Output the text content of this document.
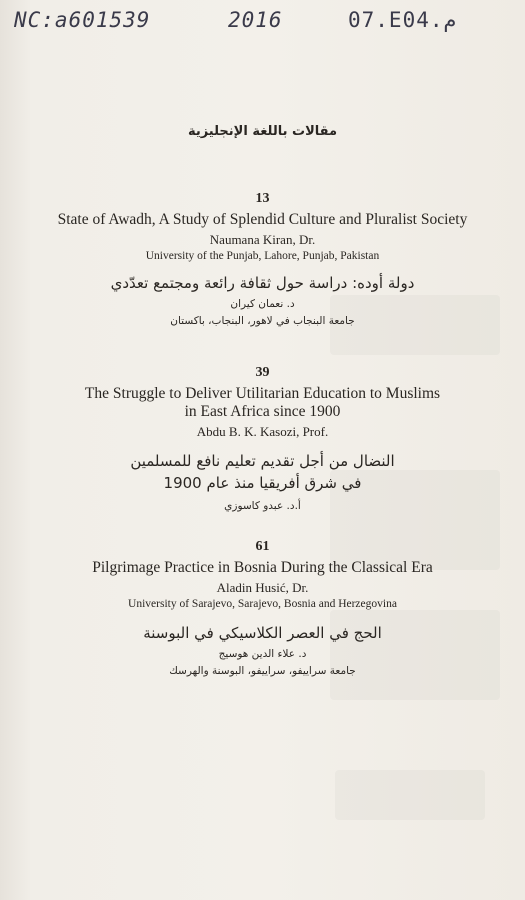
NC:a601539	2016	07.E04.م
مقالات باللغة الإنجليزية
13
State of Awadh, A Study of Splendid Culture and Pluralist Society
Naumana Kiran, Dr.
University of the Punjab, Lahore, Punjab, Pakistan
دولة أوده: دراسة حول ثقافة رائعة ومجتمع تعدّدي
د. نعمان كيران
جامعة البنجاب في لاهور، البنجاب، باكستان
39
The Struggle to Deliver Utilitarian Education to Muslims
in East Africa since 1900
Abdu B. K. Kasozi, Prof.
النضال من أجل تقديم تعليم نافع للمسلمين
في شرق أفريقيا منذ عام 1900
أ.د. عبدو كاسوزي
61
Pilgrimage Practice in Bosnia During the Classical Era
Aladin Husić, Dr.
University of Sarajevo, Sarajevo, Bosnia and Herzegovina
الحج في العصر الكلاسيكي في البوسنة
د. علاء الدين هوسيج
جامعة سراييفو، سراييفو، البوسنة والهرسك
